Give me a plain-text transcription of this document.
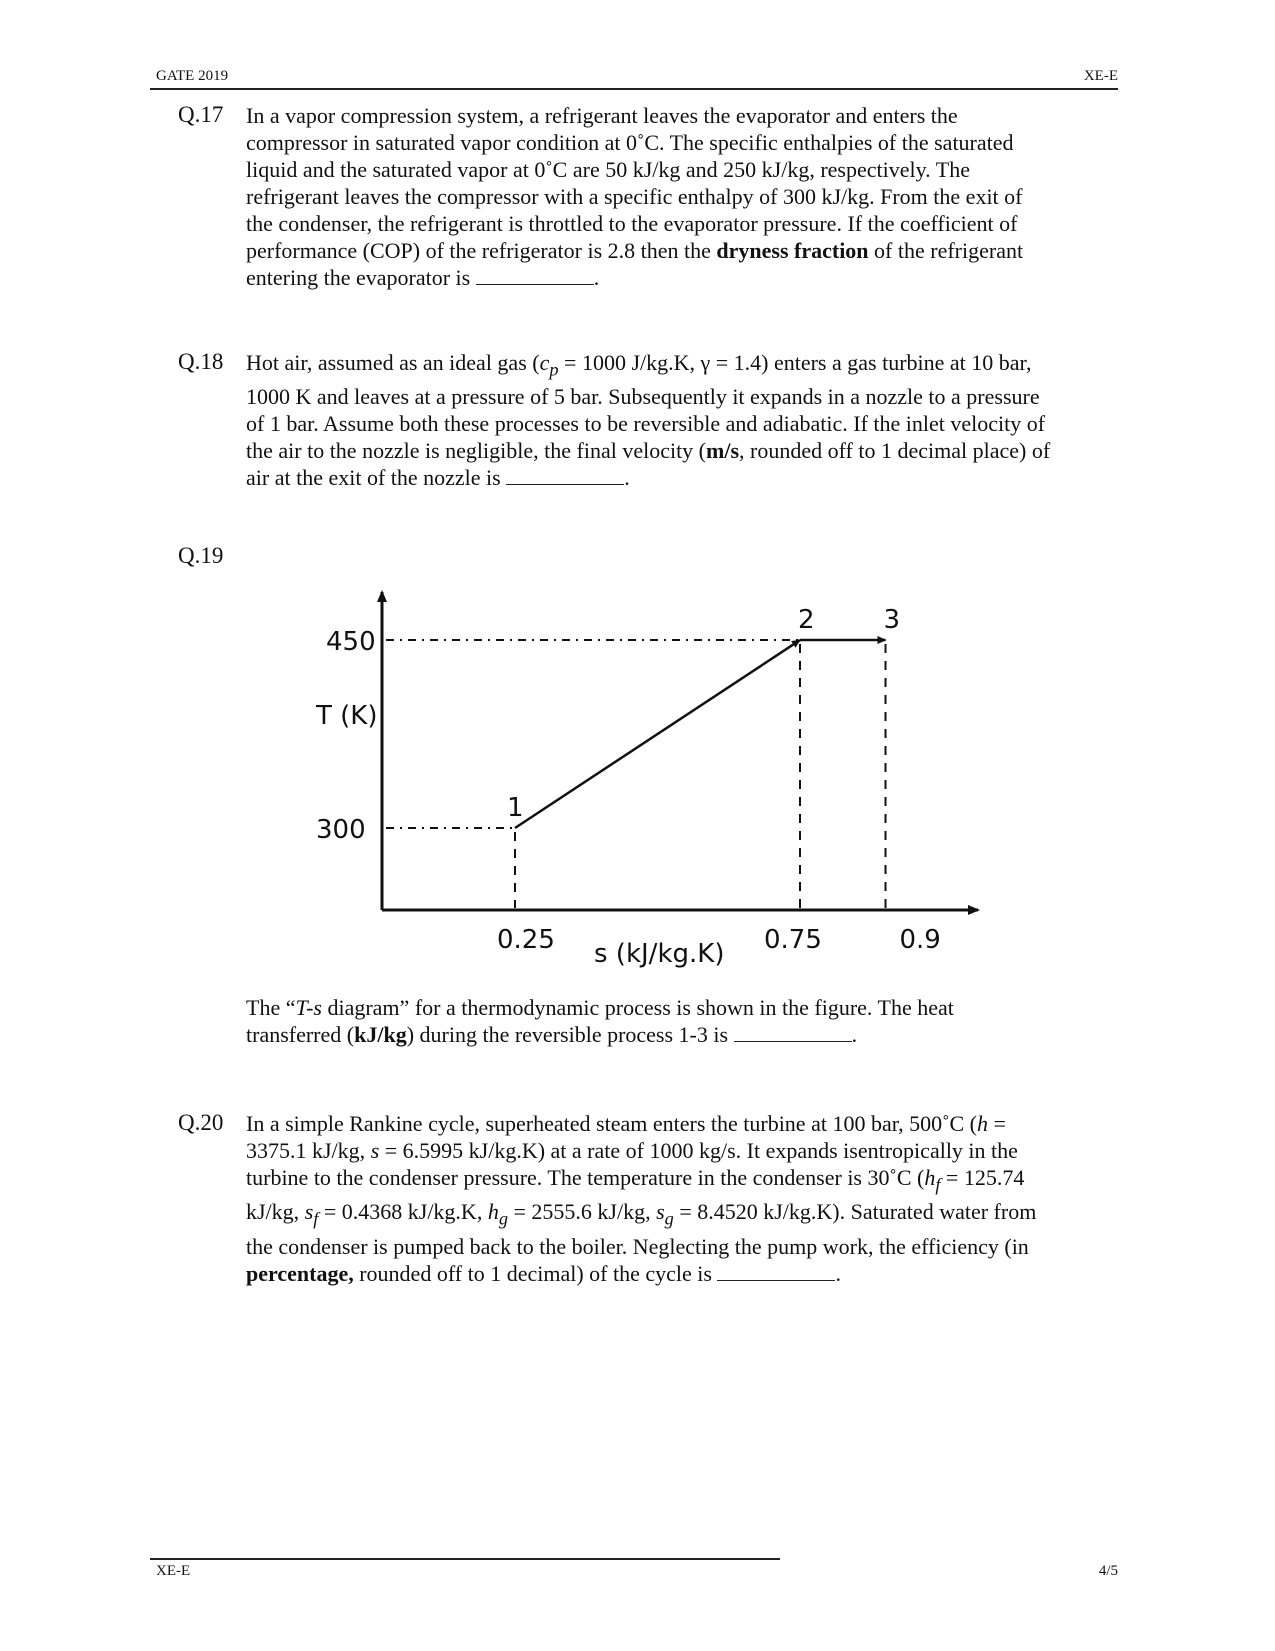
GATE 2019	XE-E
Q.17 In a vapor compression system, a refrigerant leaves the evaporator and enters the
compressor in saturated vapor condition at 0˚C. The specific enthalpies of the saturated
liquid and the saturated vapor at 0˚C are 50 kJ/kg and 250 kJ/kg, respectively. The
refrigerant leaves the compressor with a specific enthalpy of 300 kJ/kg. From the exit of
the condenser, the refrigerant is throttled to the evaporator pressure. If the coefficient of
performance (COP) of the refrigerator is 2.8 then the dryness fraction of the refrigerant
entering the evaporator is	.
Q.18 Hot air, assumed as an ideal gas ($c_p = 1000$ J/kg.K, γ = 1.4) enters a gas turbine at 10 bar,
1000 K and leaves at a pressure of 5 bar. Subsequently it expands in a nozzle to a pressure
of 1 bar. Assume both these processes to be reversible and adiabatic. If the inlet velocity of
the air to the nozzle is negligible, the final velocity (m/s, rounded off to 1 decimal place) of
air at the exit of the nozzle is	.
Q.19
1
2	3
450
300
T (K)
0.25	0.75	0.9
s (kJ/kg.K)
The “T-s diagram” for a thermodynamic process is shown in the figure. The heat
transferred (kJ/kg) during the reversible process 1-3 is	.
Q.20 In a simple Rankine cycle, superheated steam enters the turbine at 100 bar, 500˚C (h =
3375.1 kJ/kg, s = 6.5995 kJ/kg.K) at a rate of 1000 kg/s. It expands isentropically in the
turbine to the condenser pressure. The temperature in the condenser is 30˚C ($h_f = 125.74$
kJ/kg, $s_f = 0.4368$ kJ/kg.K, $h_g = 2555.6$ kJ/kg, $s_g = 8.4520$ kJ/kg.K). Saturated water from
the condenser is pumped back to the boiler. Neglecting the pump work, the efficiency (in
percentage, rounded off to 1 decimal) of the cycle is	.
XE-E	4/5
